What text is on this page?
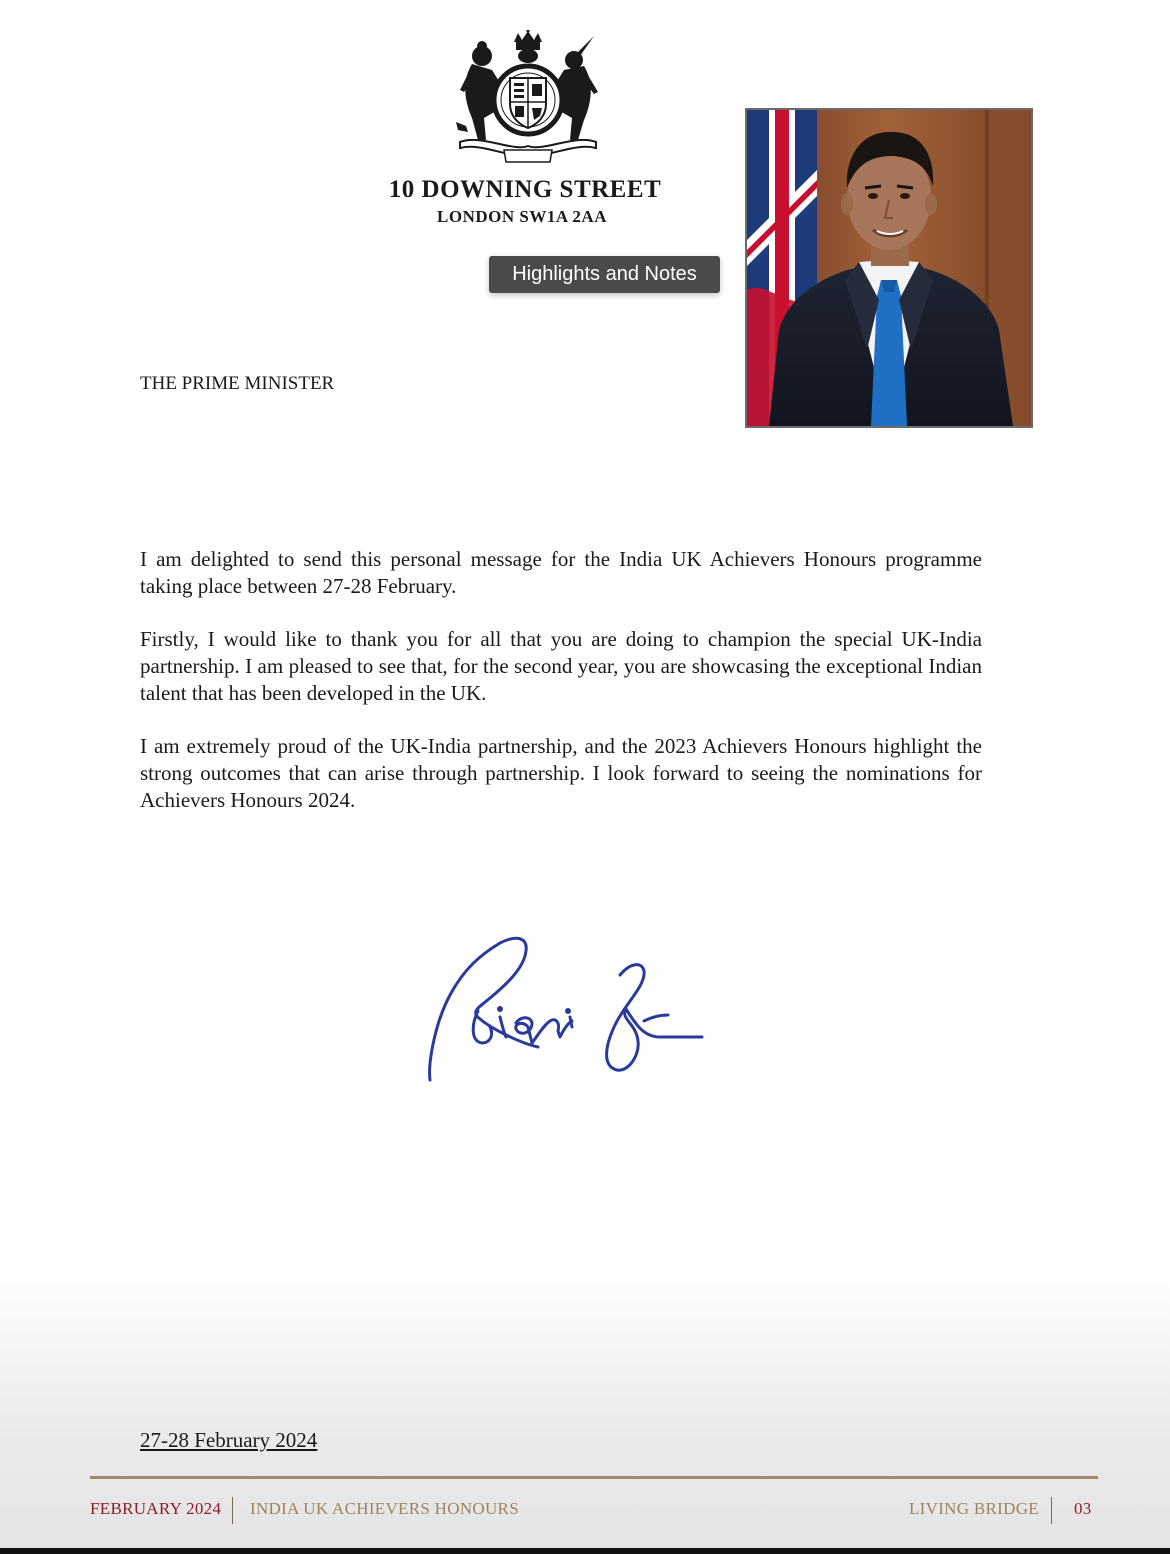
10 DOWNING STREET
LONDON SW1A 2AA
Highlights and Notes
THE PRIME MINISTER

I am delighted to send this personal message for the India UK Achievers Honours programme taking place between 27-28 February.

Firstly, I would like to thank you for all that you are doing to champion the special UK-India partnership. I am pleased to see that, for the second year, you are showcasing the exceptional Indian talent that has been developed in the UK.

I am extremely proud of the UK-India partnership, and the 2023 Achievers Honours highlight the strong outcomes that can arise through partnership. I look forward to seeing the nominations for Achievers Honours 2024.

27-28 February 2024
FEBRUARY 2024 INDIA UK ACHIEVERS HONOURS	LIVING BRIDGE 03
